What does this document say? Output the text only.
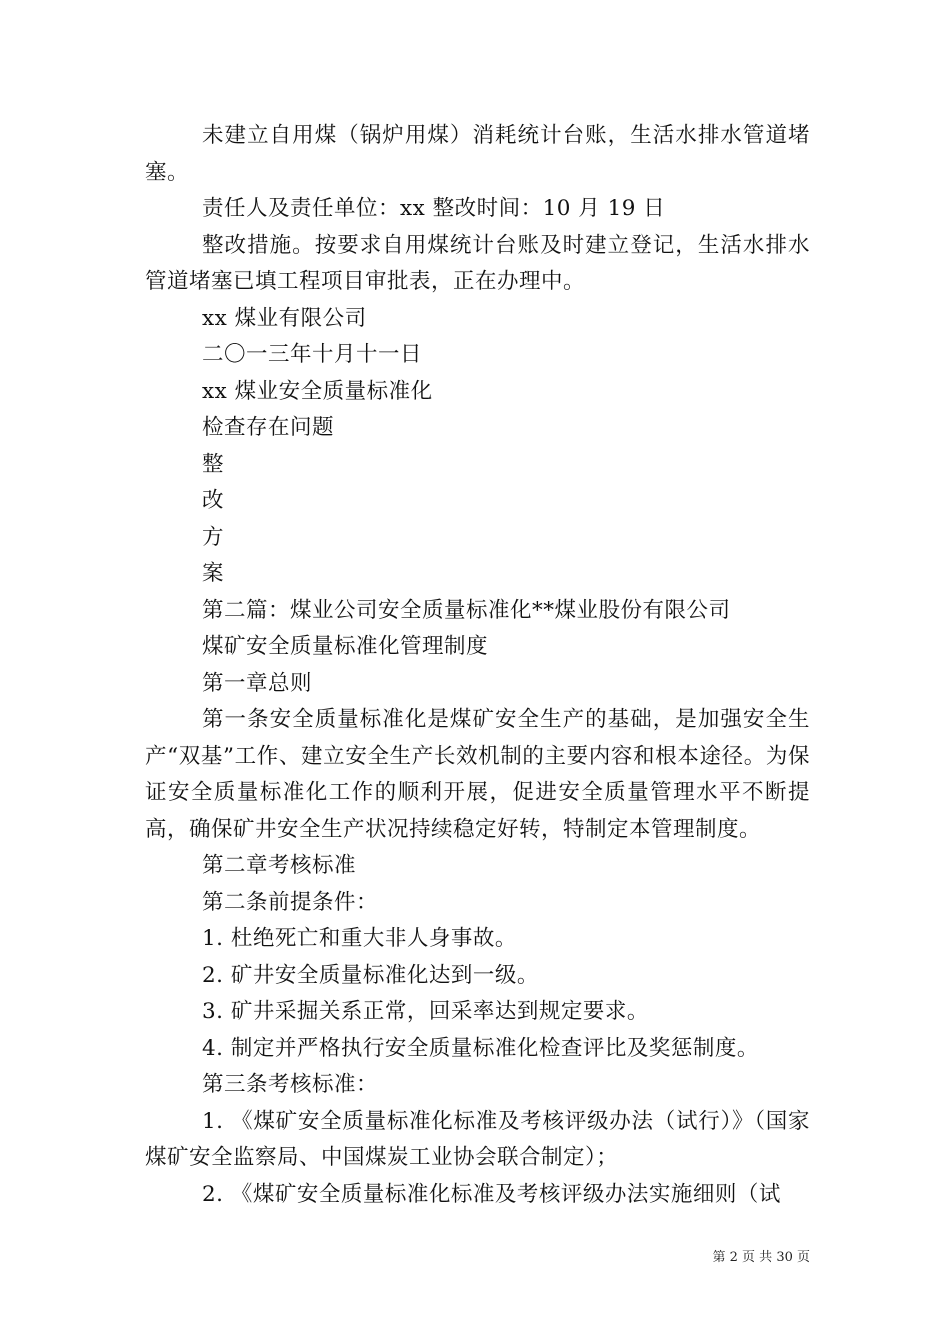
未建立自用煤（锅炉用煤）消耗统计台账，生活水排水管道堵塞。

责任人及责任单位：xx 整改时间：10 月 19 日

整改措施。按要求自用煤统计台账及时建立登记，生活水排水管道堵塞已填工程项目审批表，正在办理中。

xx 煤业有限公司

二〇一三年十月十一日

xx 煤业安全质量标准化

检查存在问题

整

改

方

案

第二篇：煤业公司安全质量标准化**煤业股份有限公司

煤矿安全质量标准化管理制度

第一章总则

第一条安全质量标准化是煤矿安全生产的基础，是加强安全生产“双基”工作、建立安全生产长效机制的主要内容和根本途径。为保证安全质量标准化工作的顺利开展，促进安全质量管理水平不断提高，确保矿井安全生产状况持续稳定好转，特制定本管理制度。

第二章考核标准

第二条前提条件：

1. 杜绝死亡和重大非人身事故。

2. 矿井安全质量标准化达到一级。

3. 矿井采掘关系正常，回采率达到规定要求。

4. 制定并严格执行安全质量标准化检查评比及奖惩制度。

第三条考核标准：

1. 《煤矿安全质量标准化标准及考核评级办法（试行）》（国家煤矿安全监察局、中国煤炭工业协会联合制定）；

2. 《煤矿安全质量标准化标准及考核评级办法实施细则（试

第 2 页 共 30 页
